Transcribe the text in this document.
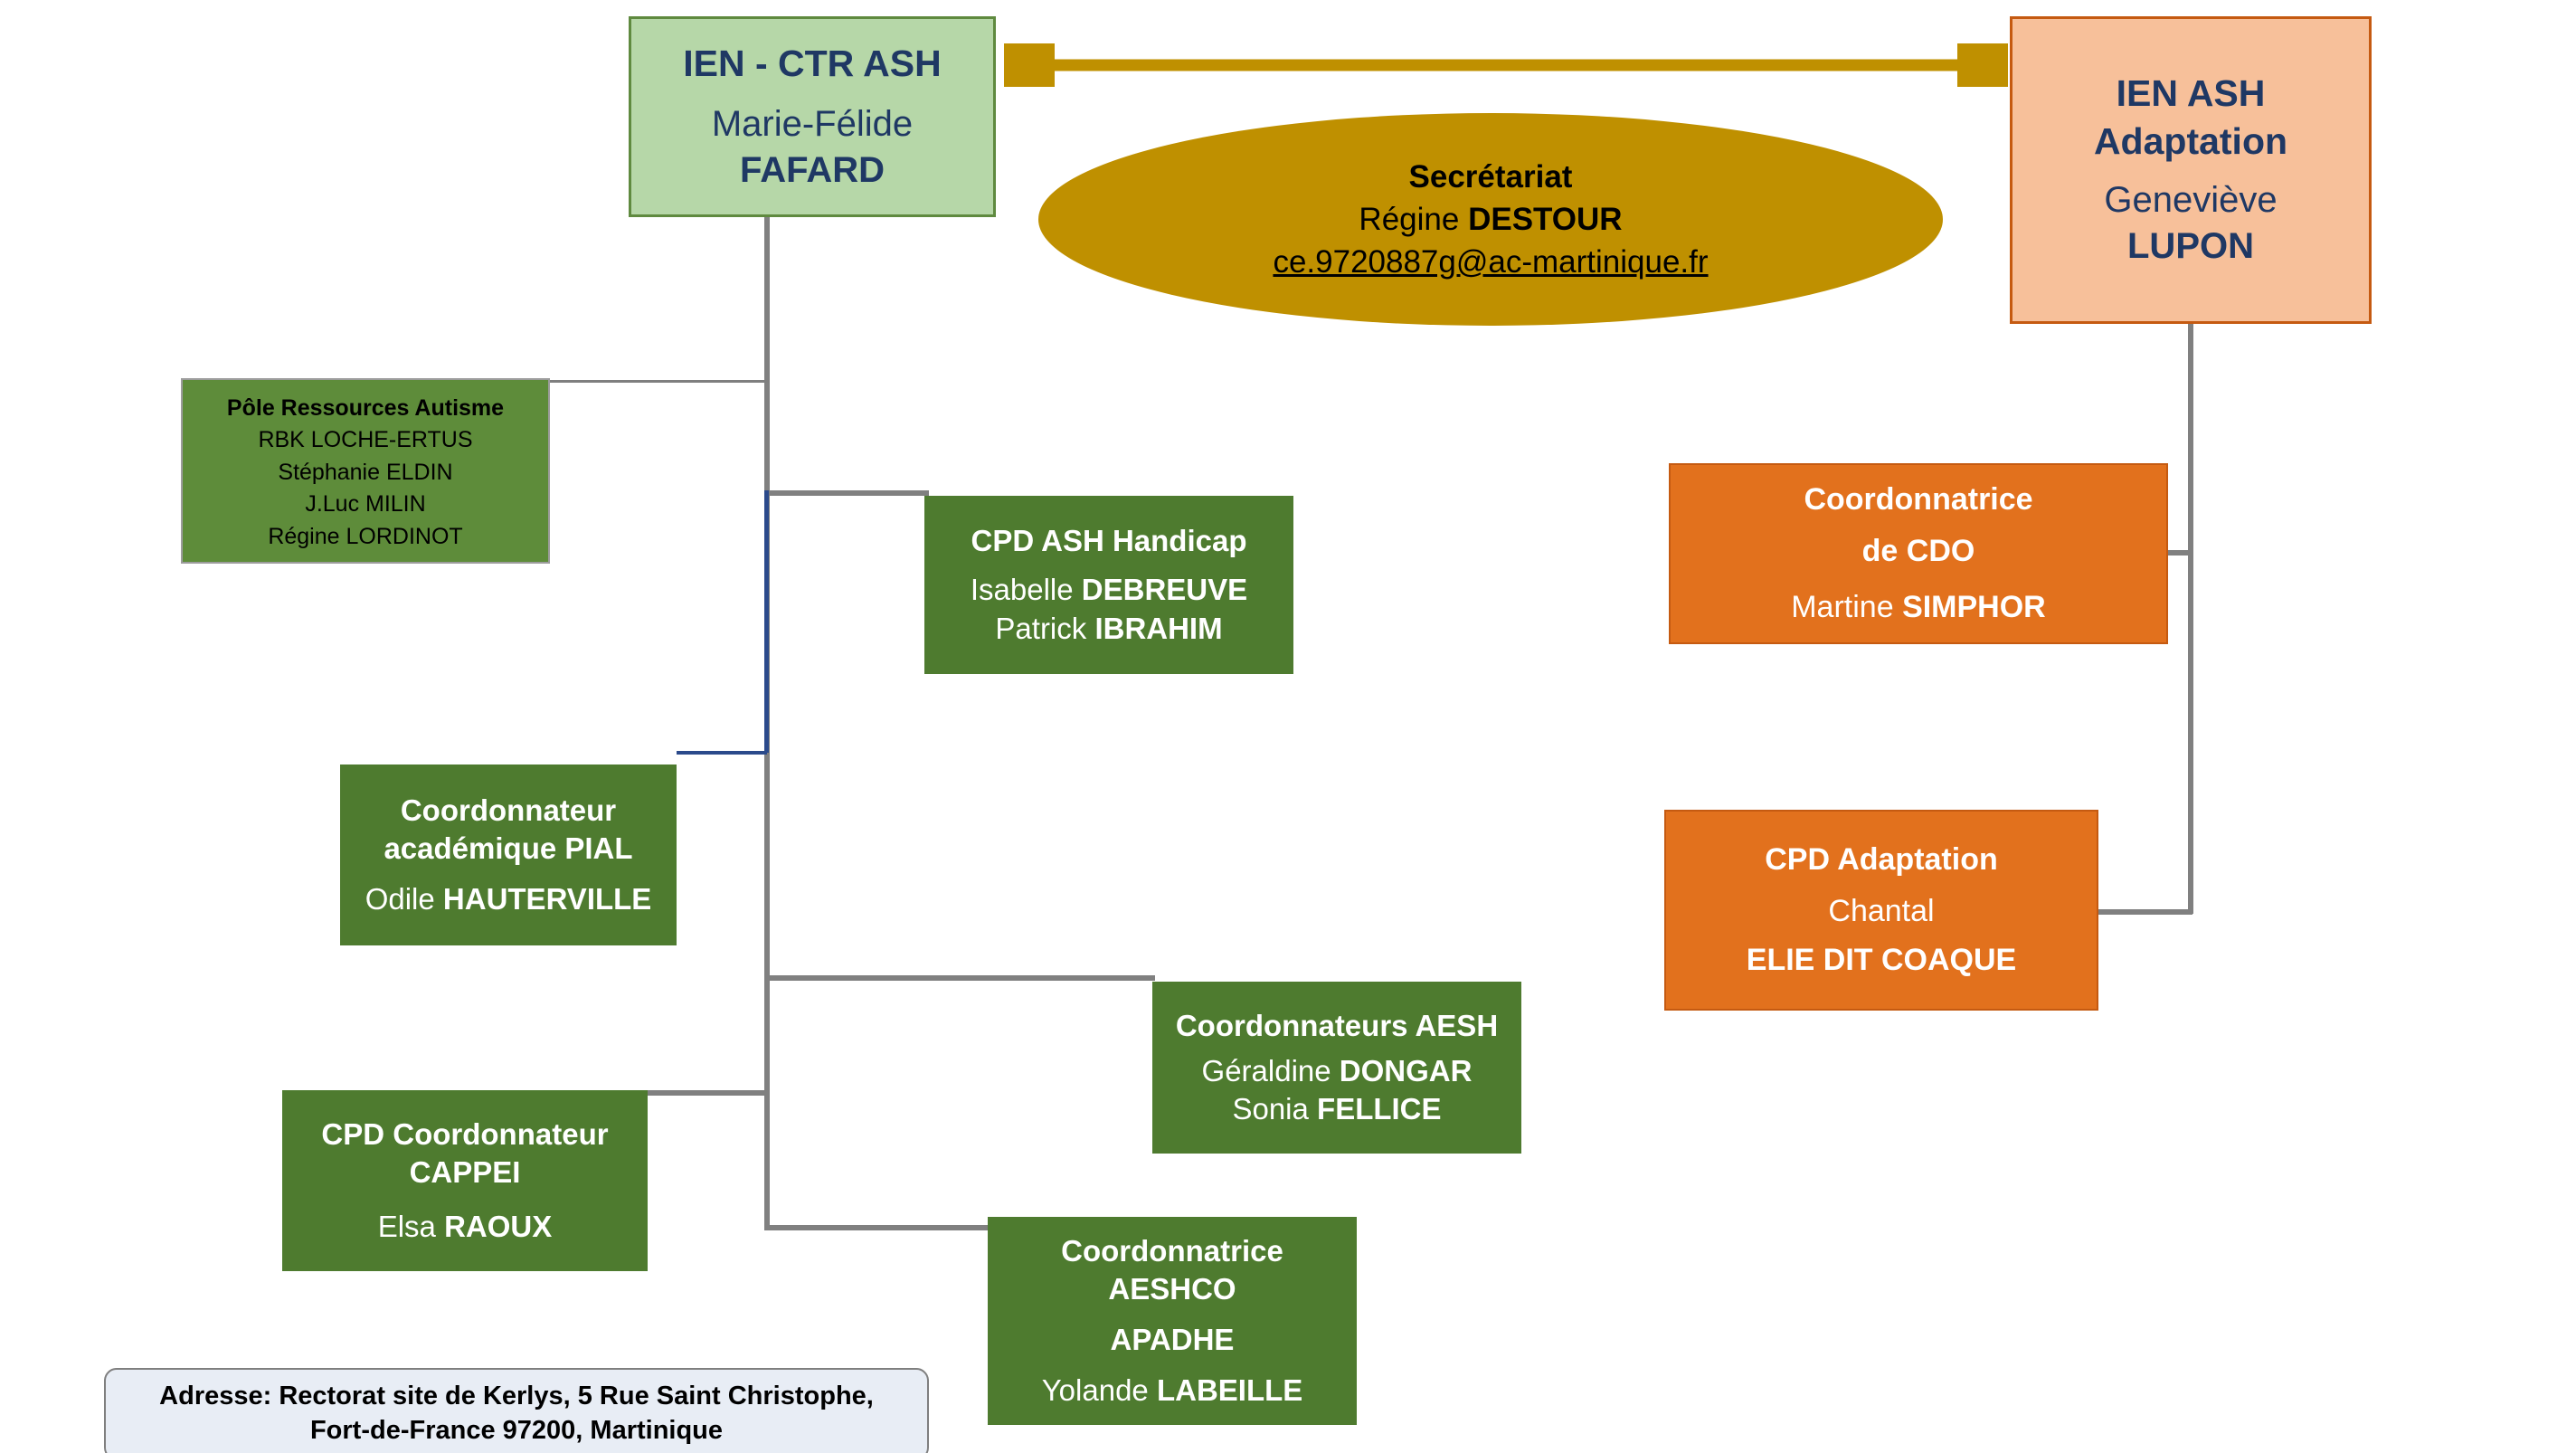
IEN - CTR ASH
Marie-Félide
FAFARD
IEN ASH
Adaptation
Geneviève
LUPON
Secrétariat
Régine DESTOUR
ce.9720887g@ac-martinique.fr
Pôle Ressources Autisme
RBK LOCHE-ERTUS
Stéphanie ELDIN
J.Luc MILIN
Régine LORDINOT	CPD ASH Handicap
Isabelle DEBREUVE
Patrick IBRAHIM
Coordonnateur
académique PIAL
Odile HAUTERVILLE
Coordonnateurs AESH
Géraldine DONGAR
Sonia FELLICE
CPD Coordonnateur
CAPPEI
Elsa RAOUX
Coordonnatrice
AESHCO
APADHE
Yolande LABEILLE
Coordonnatrice
de CDO
Martine SIMPHOR
CPD Adaptation
Chantal
ELIE DIT COAQUE
Adresse: Rectorat site de Kerlys, 5 Rue Saint Christophe,
Fort-de-France 97200, Martinique
